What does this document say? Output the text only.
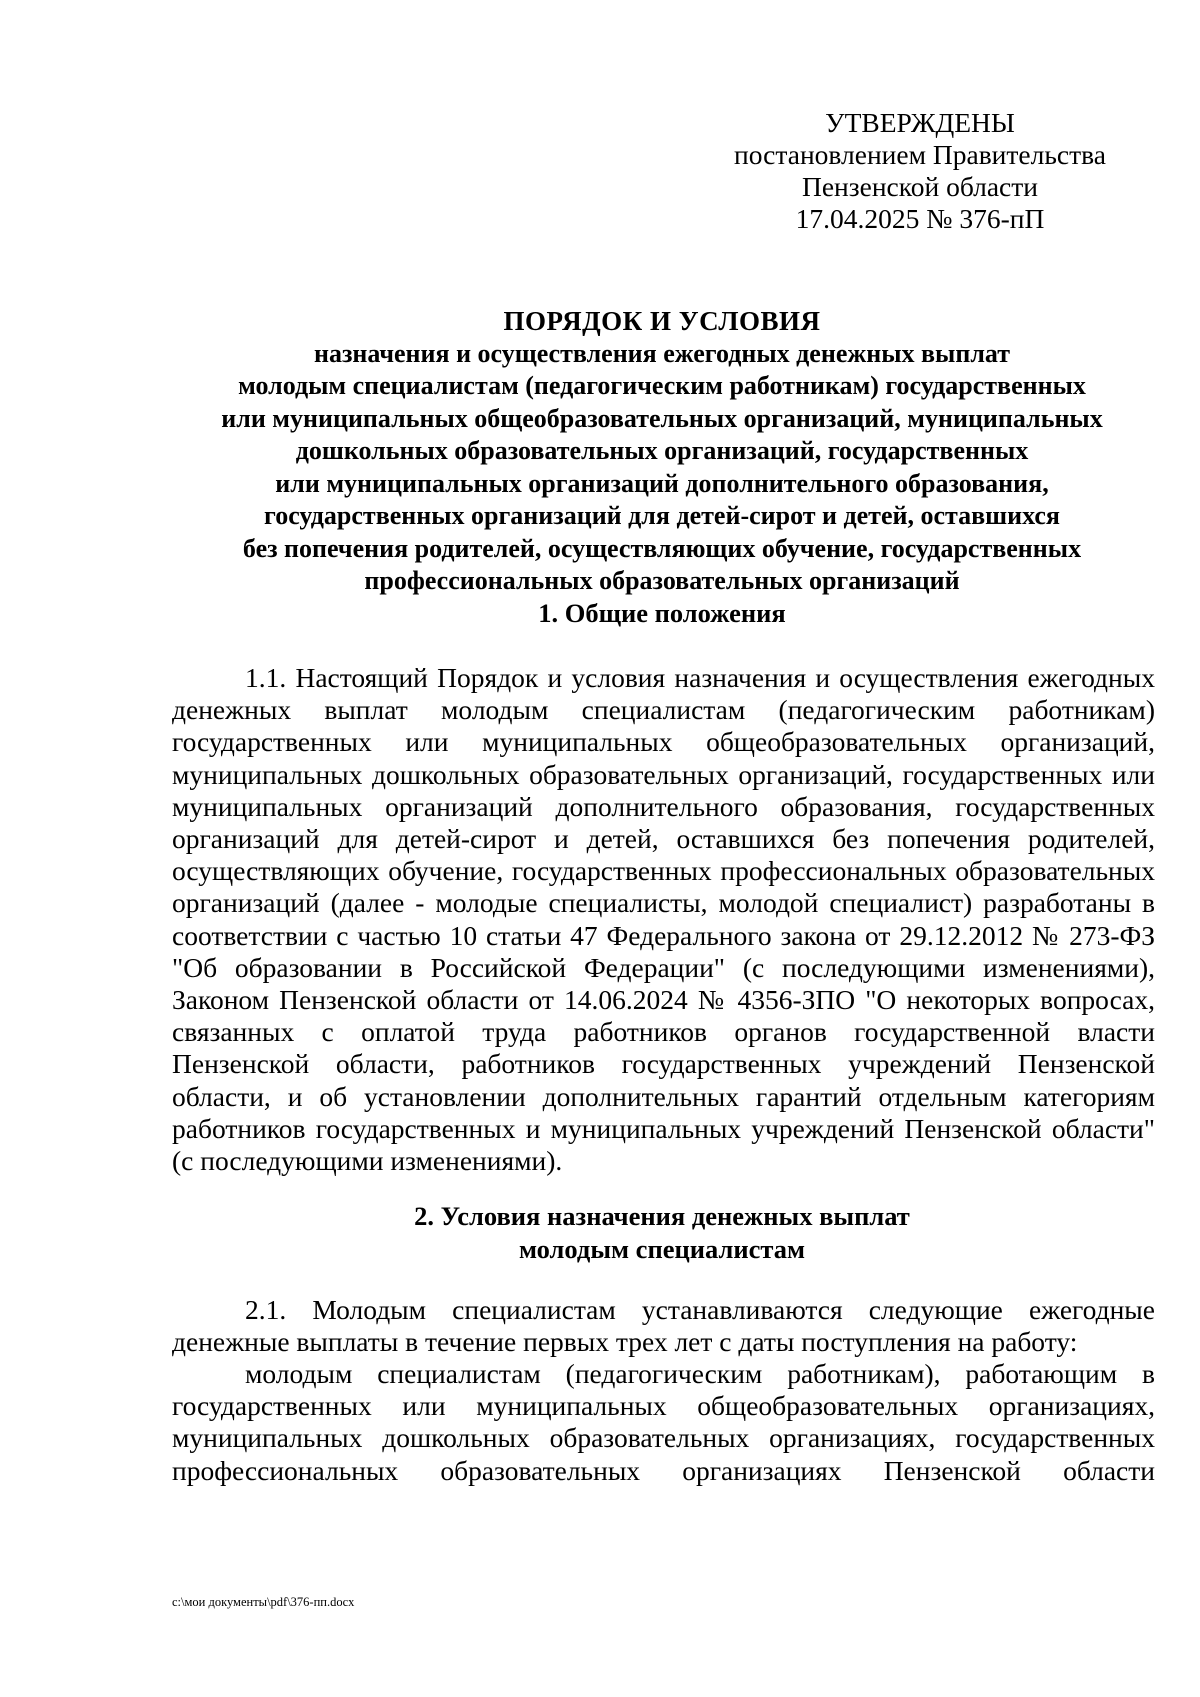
УТВЕРЖДЕНЫ
постановлением Правительства
Пензенской области
17.04.2025 № 376-пП
ПОРЯДОК И УСЛОВИЯ
назначения и осуществления ежегодных денежных выплат
молодым специалистам (педагогическим работникам) государственных
или муниципальных общеобразовательных организаций, муниципальных
дошкольных образовательных организаций, государственных
или муниципальных организаций дополнительного образования,
государственных организаций для детей-сирот и детей, оставшихся
без попечения родителей, осуществляющих обучение, государственных
профессиональных образовательных организаций
1. Общие положения
1.1. Настоящий Порядок и условия назначения и осуществления ежегодных денежных выплат молодым специалистам (педагогическим работникам) государственных или муниципальных общеобразовательных организаций, муниципальных дошкольных образовательных организаций, государственных или муниципальных организаций дополнительного образования, государственных организаций для детей-сирот и детей, оставшихся без попечения родителей, осуществляющих обучение, государственных профессиональных образовательных организаций (далее - молодые специалисты, молодой специалист) разработаны в соответствии с частью 10 статьи 47 Федерального закона от 29.12.2012 № 273-ФЗ "Об образовании в Российской Федерации" (с последующими изменениями), Законом Пензенской области от 14.06.2024 № 4356-ЗПО "О некоторых вопросах, связанных с оплатой труда работников органов государственной власти Пензенской области, работников государственных учреждений Пензенской области, и об установлении дополнительных гарантий отдельным категориям работников государственных и муниципальных учреждений Пензенской области" (с последующими изменениями).
2. Условия назначения денежных выплат
молодым специалистам
2.1. Молодым специалистам устанавливаются следующие ежегодные денежные выплаты в течение первых трех лет с даты поступления на работу:
молодым специалистам (педагогическим работникам), работающим в государственных или муниципальных общеобразовательных организациях, муниципальных дошкольных образовательных организациях, государственных профессиональных образовательных организациях Пензенской области
c:\мои документы\pdf\376-пп.docx
